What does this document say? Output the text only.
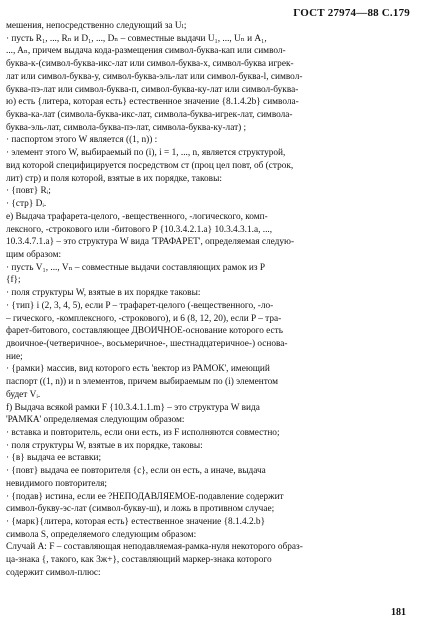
ГОСТ 27974—88 С.179
мешения, непосредственно следующий за Uₗ;
· пусть R₁, ..., Rₙ и D₁, ..., Dₙ – совместные выдачи U₁, ..., Uₙ и A₁,
..., Aₙ, причем выдача кода-размещения символ-буква-кап или символ-
буква-к-(символ-буква-икс-лат или символ-буква-х, символ-буква игрек-
лат или символ-буква-у, символ-буква-эль-лат или символ-буква-l, символ-
буква-пэ-лат или символ-буква-п, символ-буква-ку-лат или символ-буква-
ю) есть {литера, которая есть} естественное значение {8.1.4.2b} символа-
буква-ка-лат (символа-буква-икс-лат, символа-буква-игрек-лат, символа-
буква-эль-лат, символа-буква-пэ-лат, символа-буква-ку-лат) ;
· паспортом этого W является ((1, n)) :
· элемент этого W, выбираемый по (i), i = 1, ..., n, является структурой,
вид которой специфицируется посредством ст (проц цел повт, об (строк,
лит) стр) и поля которой, взятые в их порядке, таковы:
· {повт} Rᵢ;
· {стр} Dᵢ.
е) Выдача трафарета-целого, -вещественного, -логического, комп-
лексного, -строкового или -битового P {10.3.4.2.1.a} 10.3.4.3.1.a, ...,
10.3.4.7.1.a} – это структура W вида 'ТРАФАРЕТ', определяемая следую-
щим образом:
· пусть V₁, ..., Vₙ – совместные выдачи составляющих рамок из P
{f};
· поля структуры W, взятые в их порядке таковы:
· {тип} i (2, 3, 4, 5), если P – трафарет-целого (-вещественного, -ло-
– гического, -комплексного, -строкового), и 6 (8, 12, 20), если P – тра-
фарет-битового, составляющее ДВОИЧНОЕ-основание которого есть
двоичное-(четверичное-, восьмеричное-, шестнадцатеричное-) основа-
ние;
· {рамки} массив, вид которого есть 'вектор из РАМОК', имеющий
паспорт ((1, n)) и n элементов, причем выбираемым по (i) элементом
будет Vᵢ.
f) Выдача всякой рамки F {10.3.4.1.1.m} – это структура W вида
'РАМКА' определяемая следующим образом:
· вставка и повторитель, если они есть, из F исполняются совместно;
· поля структуры W, взятые в их порядке, таковы:
· {в} выдача ее вставки;
· {повт} выдача ее повторителя {c}, если он есть, а иначе, выдача
невидимого повторителя;
· {подав} истина, если ее ?НЕПОДАВЛЯЕМОЕ-подавление содержит
символ-букву-эс-лат (символ-букву-ш), и ложь в противном случае;
· {марк}{литера, которая есть} естественное значение {8.1.4.2.b}
символа S, определяемого следующим образом:
Случай А: F – составляющая неподавляемая-рамка-нуля некоторого образ-
ца-знака {, такого, как 3ж+}, составляющий маркер-знака которого
содержит символ-плюс:
181
